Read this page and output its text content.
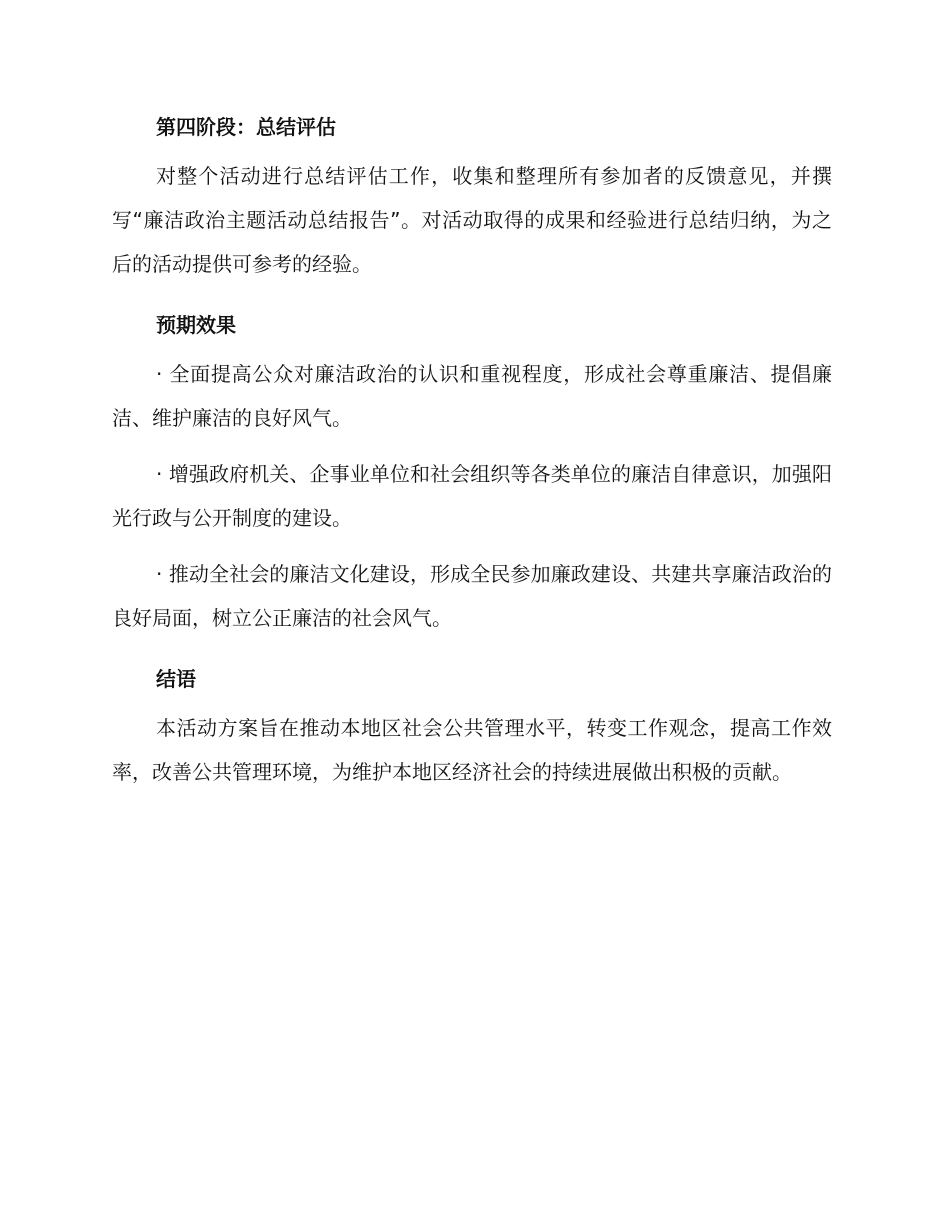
第四阶段：总结评估

对整个活动进行总结评估工作，收集和整理所有参加者的反馈意见，并撰写“廉洁政治主题活动总结报告”。对活动取得的成果和经验进行总结归纳，为之后的活动提供可参考的经验。

预期效果

· 全面提高公众对廉洁政治的认识和重视程度，形成社会尊重廉洁、提倡廉洁、维护廉洁的良好风气。

· 增强政府机关、企事业单位和社会组织等各类单位的廉洁自律意识，加强阳光行政与公开制度的建设。

· 推动全社会的廉洁文化建设，形成全民参加廉政建设、共建共享廉洁政治的良好局面，树立公正廉洁的社会风气。

结语

本活动方案旨在推动本地区社会公共管理水平，转变工作观念，提高工作效率，改善公共管理环境，为维护本地区经济社会的持续进展做出积极的贡献。
